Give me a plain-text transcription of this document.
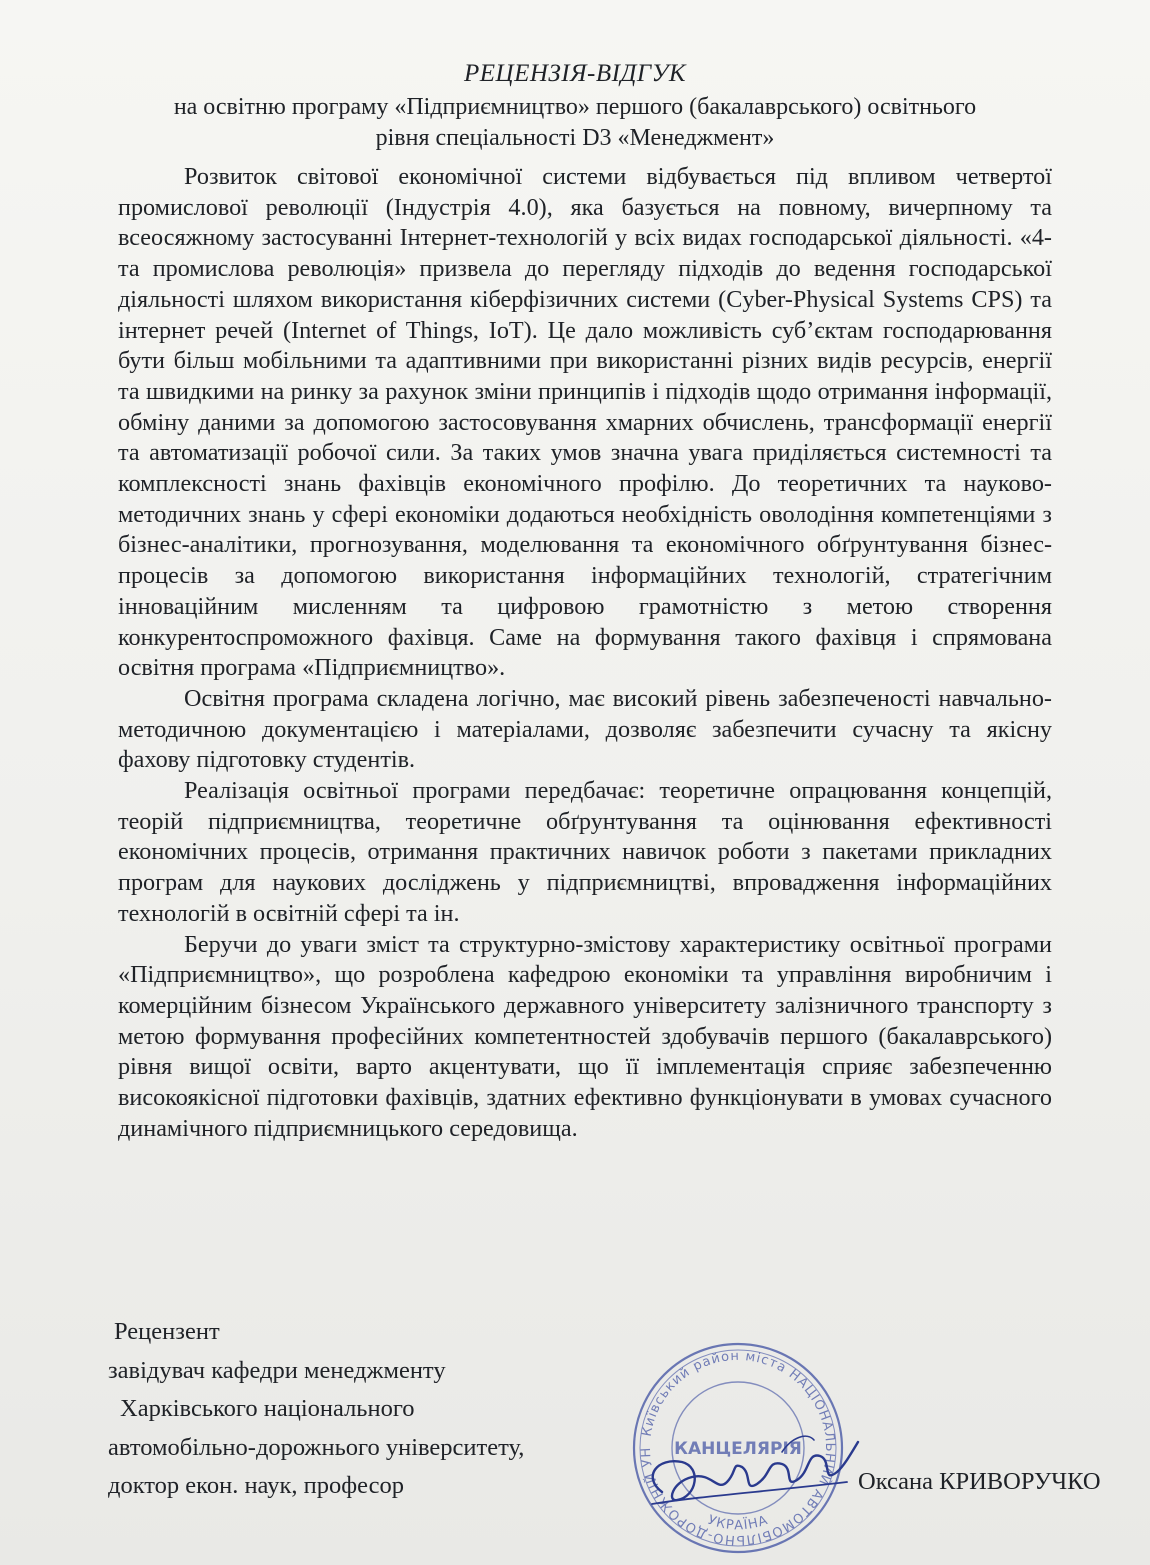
РЕЦЕНЗІЯ-ВІДГУК
на освітню програму «Підприємництво» першого (бакалаврського) освітнього
рівня спеціальності D3 «Менеджмент»

Розвиток світової економічної системи відбувається під впливом четвертої промислової революції (Індустрія 4.0), яка базується на повному, вичерпному та всеосяжному застосуванні Інтернет-технологій у всіх видах господарської діяльності. «4-та промислова революція» призвела до перегляду підходів до ведення господарської діяльності шляхом використання кіберфізичних системи (Cyber-Physical Systems CPS) та інтернет речей (Internet of Things, IoT). Це дало можливість суб’єктам господарювання бути більш мобільними та адаптивними при використанні різних видів ресурсів, енергії та швидкими на ринку за рахунок зміни принципів і підходів щодо отримання інформації, обміну даними за допомогою застосовування хмарних обчислень, трансформації енергії та автоматизації робочої сили. За таких умов значна увага приділяється системності та комплексності знань фахівців економічного профілю. До теоретичних та науково-методичних знань у сфері економіки додаються необхідність оволодіння компетенціями з бізнес-аналітики, прогнозування, моделювання та економічного обґрунтування бізнес-процесів за допомогою використання інформаційних технологій, стратегічним інноваційним мисленням та цифровою грамотністю з метою створення конкурентоспроможного фахівця. Саме на формування такого фахівця і спрямована освітня програма «Підприємництво».

Освітня програма складена логічно, має високий рівень забезпеченості навчально-методичною документацією і матеріалами, дозволяє забезпечити сучасну та якісну фахову підготовку студентів.

Реалізація освітньої програми передбачає: теоретичне опрацювання концепцій, теорій підприємництва, теоретичне обґрунтування та оцінювання ефективності економічних процесів, отримання практичних навичок роботи з пакетами прикладних програм для наукових досліджень у підприємництві, впровадження інформаційних технологій в освітній сфері та ін.

Беручи до уваги зміст та структурно-змістову характеристику освітньої програми «Підприємництво», що розроблена кафедрою економіки та управління виробничим і комерційним бізнесом Українського державного університету залізничного транспорту з метою формування професійних компетентностей здобувачів першого (бакалаврського) рівня вищої освіти, варто акцентувати, що її імплементація сприяє забезпеченню високоякісної підготовки фахівців, здатних ефективно функціонувати в умовах сучасного динамічного підприємницького середовища.

Рецензент
завідувач кафедри менеджменту
Харківського національного
автомобільно-дорожнього університету,
доктор екон. наук, професор
Київський район міста НАЦІОНАЛЬНИЙ АВТОМОБІЛЬНО-ДОРОЖНІЙ УН
УКРАЇНА
КАНЦЕЛЯРІЯ
Оксана КРИВОРУЧКО
